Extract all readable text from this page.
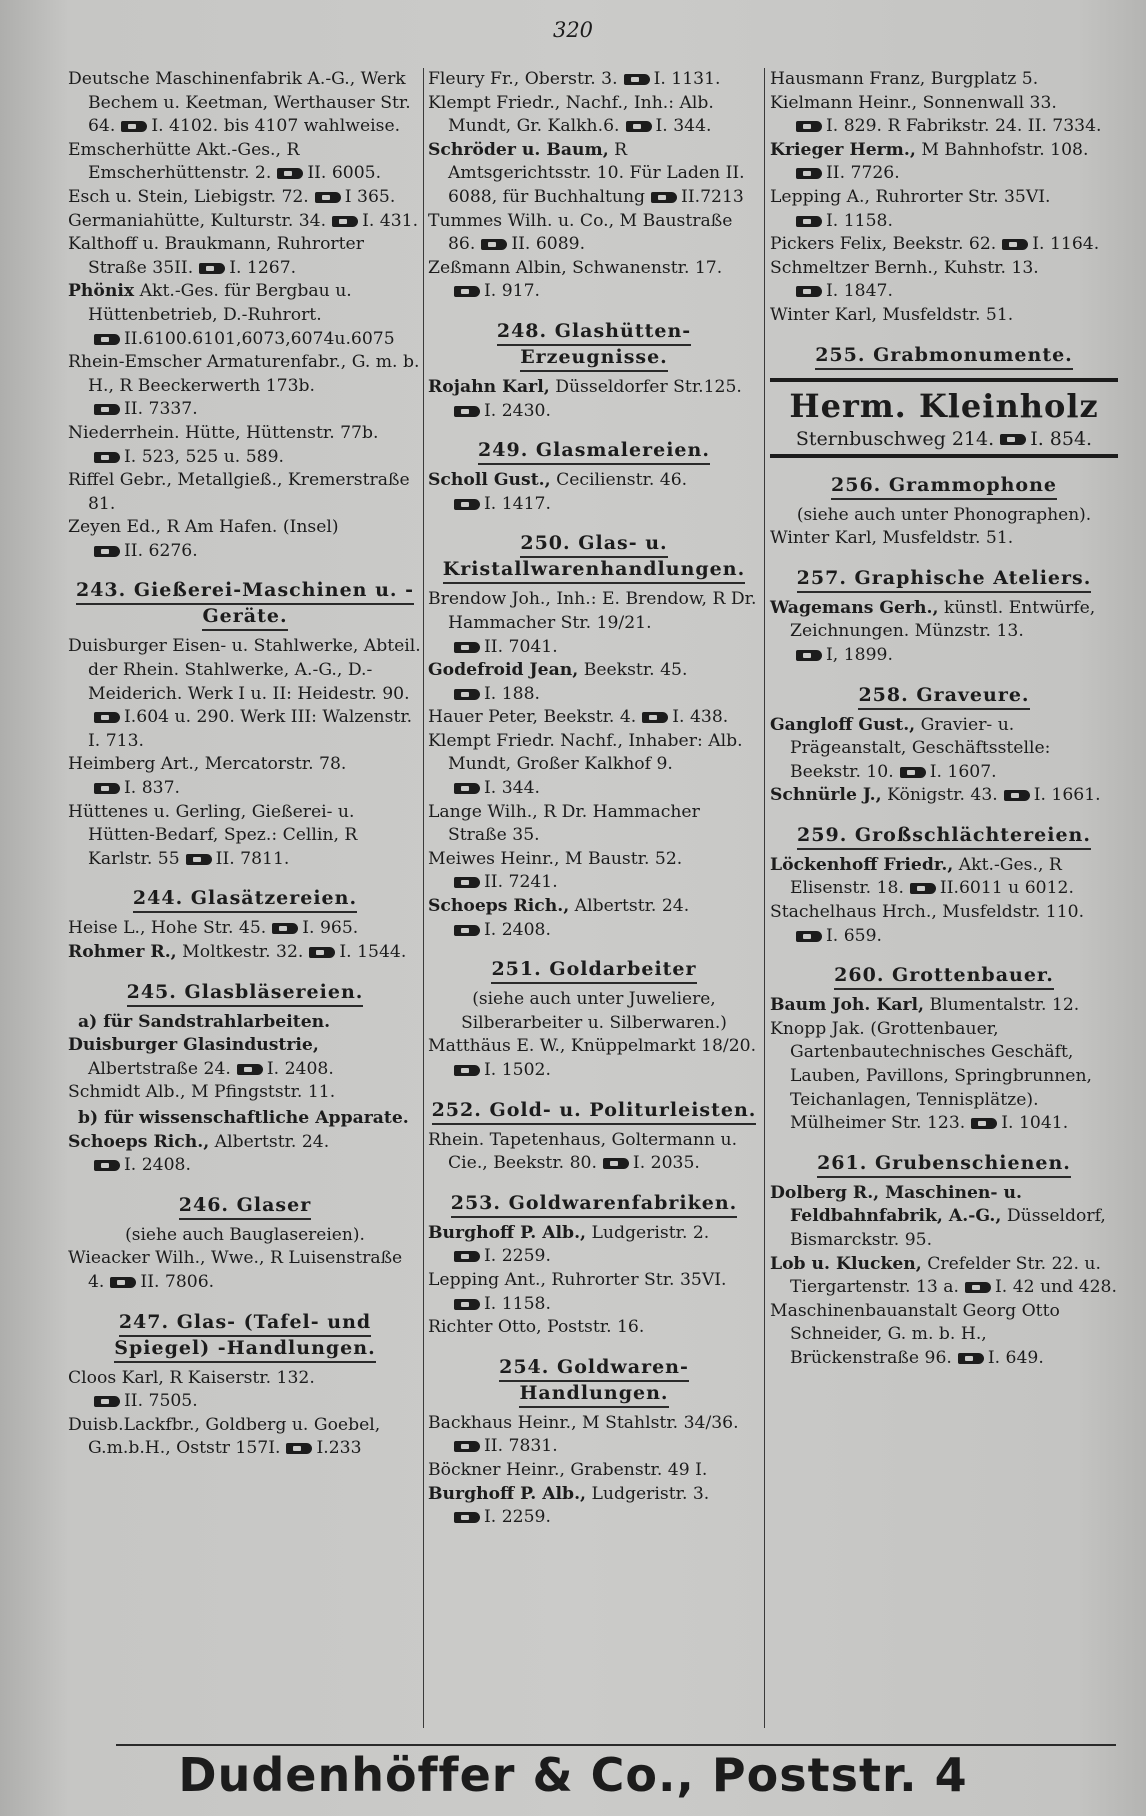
320
Deutsche Maschinenfabrik A.-G., Werk Bechem u. Keetman, Werthauser Str. 64. I. 4102. bis 4107 wahlweise.
Emscherhütte Akt.-Ges., R Emscherhüttenstr. 2. II. 6005.
Esch u. Stein, Liebigstr. 72. I 365.
Germaniahütte, Kulturstr. 34. I. 431.
Kalthoff u. Braukmann, Ruhrorter Straße 35II. I. 1267.
Phönix Akt.-Ges. für Bergbau u. Hüttenbetrieb, D.-Ruhrort.II.6100.6101,6073,6074u.6075
Rhein-Emscher Armaturenfabr., G. m. b. H., R Beeckerwerth 173b.II. 7337.
Niederrhein. Hütte, Hüttenstr. 77b.I. 523, 525 u. 589.
Riffel Gebr., Metallgieß., Kremerstraße 81.
Zeyen Ed., R Am Hafen. (Insel)II. 6276.
243. Gießerei-Maschinen u. -Geräte.
Duisburger Eisen- u. Stahlwerke, Abteil. der Rhein. Stahlwerke, A.-G., D.-Meiderich. Werk I u. II: Heidestr. 90.I.604 u. 290. Werk III: Walzenstr. I. 713.
Heimberg Art., Mercatorstr. 78.I. 837.
Hüttenes u. Gerling, Gießerei- u. Hütten-Bedarf, Spez.: Cellin, R Karlstr. 55 II. 7811.
244. Glasätzereien.
Heise L., Hohe Str. 45. I. 965.
Rohmer R., Moltkestr. 32. I. 1544.
245. Glasbläsereien.
a) für Sandstrahlarbeiten.
Duisburger Glasindustrie, Albertstraße 24. I. 2408.
Schmidt Alb., M Pfingststr. 11.
b) für wissenschaftliche Apparate.
Schoeps Rich., Albertstr. 24.I. 2408.
246. Glaser
(siehe auch Bauglasereien).
Wieacker Wilh., Wwe., R Luisenstraße 4. II. 7806.
247. Glas- (Tafel- und Spiegel) -Handlungen.
Cloos Karl, R Kaiserstr. 132.II. 7505.
Duisb.Lackfbr., Goldberg u. Goebel, G.m.b.H., Oststr 157I. I.233
Fleury Fr., Oberstr. 3. I. 1131.
Klempt Friedr., Nachf., Inh.: Alb. Mundt, Gr. Kalkh.6. I. 344.
Schröder u. Baum, R Amtsgerichtsstr. 10. Für Laden II. 6088, für Buchhaltung II.7213
Tummes Wilh. u. Co., M Baustraße 86. II. 6089.
Zeßmann Albin, Schwanenstr. 17.I. 917.
248. Glashütten-Erzeugnisse.
Rojahn Karl, Düsseldorfer Str.125.I. 2430.
249. Glasmalereien.
Scholl Gust., Cecilienstr. 46.I. 1417.
250. Glas- u. Kristallwarenhandlungen.
Brendow Joh., Inh.: E. Brendow, R Dr. Hammacher Str. 19/21.II. 7041.
Godefroid Jean, Beekstr. 45.I. 188.
Hauer Peter, Beekstr. 4. I. 438.
Klempt Friedr. Nachf., Inhaber: Alb. Mundt, Großer Kalkhof 9.I. 344.
Lange Wilh., R Dr. Hammacher Straße 35.
Meiwes Heinr., M Baustr. 52.II. 7241.
Schoeps Rich., Albertstr. 24.I. 2408.
251. Goldarbeiter
(siehe auch unter Juweliere, Silberarbeiter u. Silberwaren.)
Matthäus E. W., Knüppelmarkt 18/20.I. 1502.
252. Gold- u. Politurleisten.
Rhein. Tapetenhaus, Goltermann u. Cie., Beekstr. 80. I. 2035.
253. Goldwarenfabriken.
Burghoff P. Alb., Ludgeristr. 2.I. 2259.
Lepping Ant., Ruhrorter Str. 35VI.I. 1158.
Richter Otto, Poststr. 16.
254. Goldwaren-Handlungen.
Backhaus Heinr., M Stahlstr. 34/36.II. 7831.
Böckner Heinr., Grabenstr. 49 I.
Burghoff P. Alb., Ludgeristr. 3.I. 2259.
Hausmann Franz, Burgplatz 5.
Kielmann Heinr., Sonnenwall 33.I. 829. R Fabrikstr. 24. II. 7334.
Krieger Herm., M Bahnhofstr. 108.II. 7726.
Lepping A., Ruhrorter Str. 35VI.I. 1158.
Pickers Felix, Beekstr. 62. I. 1164.
Schmeltzer Bernh., Kuhstr. 13.I. 1847.
Winter Karl, Musfeldstr. 51.
255. Grabmonumente.
Herm. Kleinholz
Sternbuschweg 214. I. 854.
256. Grammophone
(siehe auch unter Phonographen).
Winter Karl, Musfeldstr. 51.
257. Graphische Ateliers.
Wagemans Gerh., künstl. Entwürfe, Zeichnungen. Münzstr. 13.I, 1899.
258. Graveure.
Gangloff Gust., Gravier- u. Prägeanstalt, Geschäftsstelle: Beekstr. 10. I. 1607.
Schnürle J., Königstr. 43. I. 1661.
259. Großschlächtereien.
Löckenhoff Friedr., Akt.-Ges., R Elisenstr. 18. II.6011 u 6012.
Stachelhaus Hrch., Musfeldstr. 110.I. 659.
260. Grottenbauer.
Baum Joh. Karl, Blumentalstr. 12.
Knopp Jak. (Grottenbauer, Gartenbautechnisches Geschäft, Lauben, Pavillons, Springbrunnen, Teichanlagen, Tennisplätze). Mülheimer Str. 123. I. 1041.
261. Grubenschienen.
Dolberg R., Maschinen- u. Feldbahnfabrik, A.-G., Düsseldorf, Bismarckstr. 95.
Lob u. Klucken, Crefelder Str. 22. u. Tiergartenstr. 13 a. I. 42 und 428.
Maschinenbauanstalt Georg Otto Schneider, G. m. b. H., Brückenstraße 96. I. 649.
Dudenhöffer & Co., Poststr. 4
